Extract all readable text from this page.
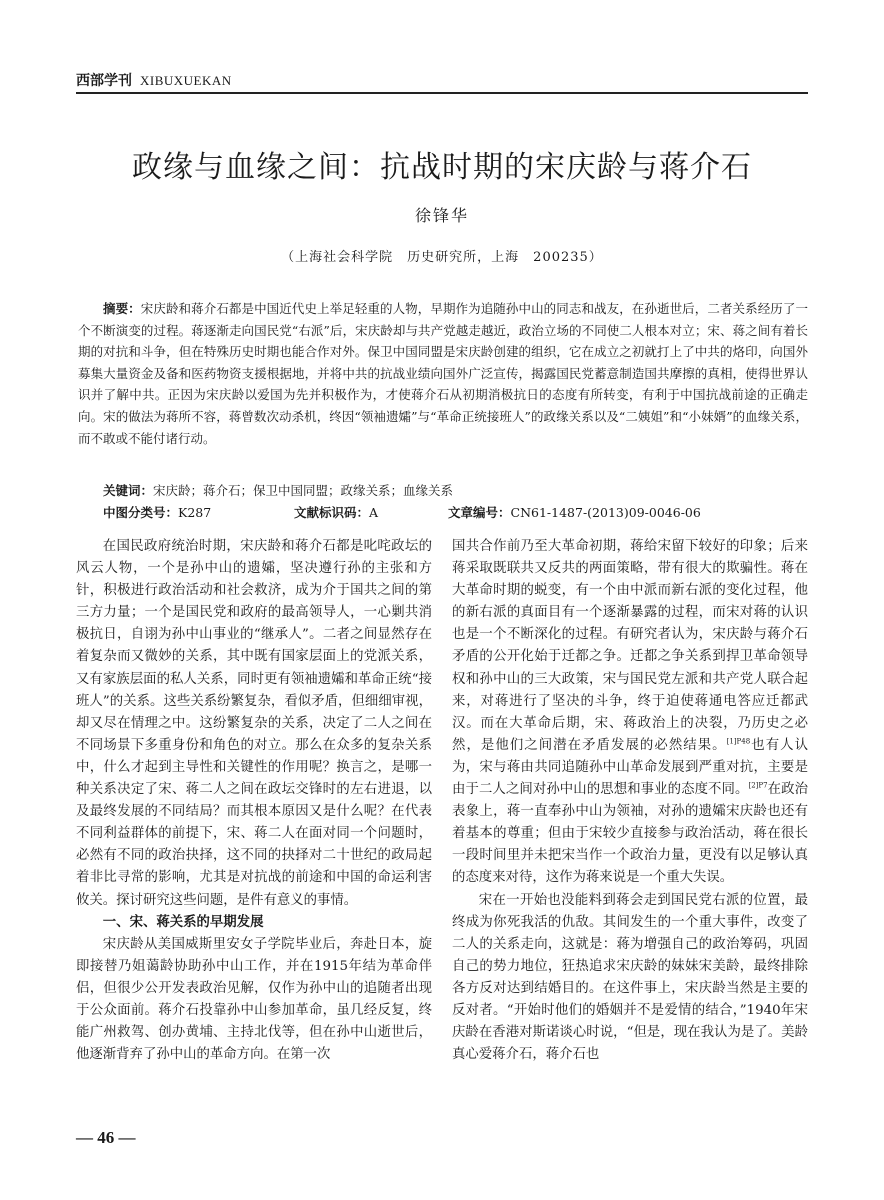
西部学刊 XIBUXUEKAN
政缘与血缘之间：抗战时期的宋庆龄与蒋介石
徐锋华
（上海社会科学院　历史研究所，上海　200235）

摘要：宋庆龄和蒋介石都是中国近代史上举足轻重的人物，早期作为追随孙中山的同志和战友，在孙逝世后，二者关系经历了一个不断演变的过程。蒋逐渐走向国民党“右派”后，宋庆龄却与共产党越走越近，政治立场的不同使二人根本对立；宋、蒋之间有着长期的对抗和斗争，但在特殊历史时期也能合作对外。保卫中国同盟是宋庆龄创建的组织，它在成立之初就打上了中共的烙印，向国外募集大量资金及备和医药物资支援根据地，并将中共的抗战业绩向国外广泛宣传，揭露国民党蓄意制造国共摩擦的真相，使得世界认识并了解中共。正因为宋庆龄以爱国为先并积极作为，才使蒋介石从初期消极抗日的态度有所转变，有利于中国抗战前途的正确走向。宋的做法为蒋所不容，蒋曾数次动杀机，终因“领袖遗孀”与“革命正统接班人”的政缘关系以及“二姨姐”和“小妹婿”的血缘关系，而不敢或不能付诸行动。

关键词：宋庆龄；蒋介石；保卫中国同盟；政缘关系；血缘关系
中图分类号：K287	文献标识码：A	文章编号：CN61-1487-(2013)09-0046-06

在国民政府统治时期，宋庆龄和蒋介石都是叱咤政坛的风云人物，一个是孙中山的遗孀，坚决遵行孙的主张和方针，积极进行政治活动和社会救济，成为介于国共之间的第三方力量；一个是国民党和政府的最高领导人，一心剿共消极抗日，自诩为孙中山事业的“继承人”。二者之间显然存在着复杂而又微妙的关系，其中既有国家层面上的党派关系，又有家族层面的私人关系，同时更有领袖遗孀和革命正统“接班人”的关系。这些关系纷繁复杂，看似矛盾，但细细审视，却又尽在情理之中。这纷繁复杂的关系，决定了二人之间在不同场景下多重身份和角色的对立。那么在众多的复杂关系中，什么才起到主导性和关键性的作用呢？换言之，是哪一种关系决定了宋、蒋二人之间在政坛交锋时的左右进退，以及最终发展的不同结局？而其根本原因又是什么呢？在代表不同利益群体的前提下，宋、蒋二人在面对同一个问题时，必然有不同的政治抉择，这不同的抉择对二十世纪的政局起着非比寻常的影响，尤其是对抗战的前途和中国的命运利害攸关。探讨研究这些问题，是件有意义的事情。

一、宋、蒋关系的早期发展

宋庆龄从美国威斯里安女子学院毕业后，奔赴日本，旋即接替乃姐蔼龄协助孙中山工作，并在1915年结为革命伴侣，但很少公开发表政治见解，仅作为孙中山的追随者出现于公众面前。蒋介石投靠孙中山参加革命，虽几经反复，终能广州救驾、创办黄埔、主持北伐等，但在孙中山逝世后，他逐渐背弃了孙中山的革命方向。在第一次

国共合作前乃至大革命初期，蒋给宋留下较好的印象；后来蒋采取既联共又反共的两面策略，带有很大的欺骗性。蒋在大革命时期的蜕变，有一个由中派而新右派的变化过程，他的新右派的真面目有一个逐渐暴露的过程，而宋对蒋的认识也是一个不断深化的过程。有研究者认为，宋庆龄与蒋介石矛盾的公开化始于迁都之争。迁都之争关系到捍卫革命领导权和孙中山的三大政策，宋与国民党左派和共产党人联合起来，对蒋进行了坚决的斗争，终于迫使蒋通电答应迁都武汉。而在大革命后期，宋、蒋政治上的决裂，乃历史之必然，是他们之间潜在矛盾发展的必然结果。$^{[1]P48}$也有人认为，宋与蒋由共同追随孙中山革命发展到严重对抗，主要是由于二人之间对孙中山的思想和事业的态度不同。$^{[2]P7}$在政治表象上，蒋一直奉孙中山为领袖，对孙的遗孀宋庆龄也还有着基本的尊重；但由于宋较少直接参与政治活动，蒋在很长一段时间里并未把宋当作一个政治力量，更没有以足够认真的态度来对待，这作为蒋来说是一个重大失误。

宋在一开始也没能料到蒋会走到国民党右派的位置，最终成为你死我活的仇敌。其间发生的一个重大事件，改变了二人的关系走向，这就是：蒋为增强自己的政治筹码，巩固自己的势力地位，狂热追求宋庆龄的妹妹宋美龄，最终排除各方反对达到结婚目的。在这件事上，宋庆龄当然是主要的反对者。“开始时他们的婚姻并不是爱情的结合，”1940年宋庆龄在香港对斯诺谈心时说，“但是，现在我认为是了。美龄真心爱蒋介石，蒋介石也

— 46 —
